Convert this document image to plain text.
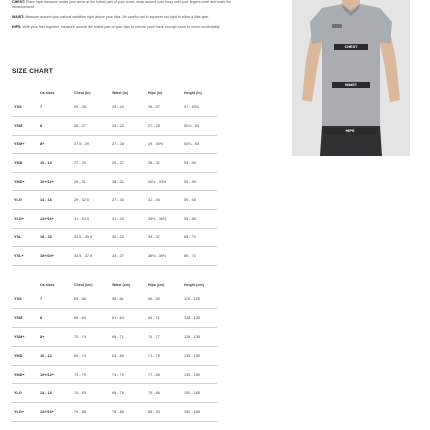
CHEST: Place tape measure under your arms at the fullest part of your chest, wrap around your body until your fingers meet and mark the measurement.

WAIST: Measure around your natural waistline right above your hips. Be careful not to squeeze too tight to allow a little give.

HIPS: With your feet together, measure around the fullest part of your hips to ensure you'll have enough room to move comfortably.

CHEST
WAIST
HIPS
SIZE CHART
	Ua sizes	Chest (in)	Waist (in)	Hips (in)	Height (in)
YXS	7	25 - 26	23 - 24	26 - 27	47 - 50¾
YSM	8	26 - 27	24 - 25	27 - 28	50¾ - 53
YSM+	8+	27.5 - 29	27 - 28	29 - 30½	50¾ - 53
YMD	10 - 12	27 - 29	25 - 27	28 - 31	53 - 59
YMD+	10+/12+	29 - 31	28 - 31	30½ - 33½	53 - 59
YLG	14 - 16	29 - 32.5	27 - 30	31 - 34	59 - 65
YLG+	14+/16+	31 - 34.5	31 - 34	33½ - 36½	59 - 65
YXL	18 - 20	32.5 - 35.5	30 - 33	34 - 37	65 - 70
YXL+	18+/20+	34.5 - 37.5	34 - 37	36½ - 39½	65 - 70
	Ua sizes	Chest (cm)	Waist (cm)	Hips (cm)	Height (cm)
YXS	7	63 - 66	58 - 61	66 - 69	119 - 128
YSM	8	66 - 69	61 - 63	69 - 71	128 - 135
YSM+	8+	70 - 74	69 - 71	74 - 77	128 - 135
YMD	10 - 12	69 - 74	63 - 69	71 - 79	135 - 150
YMD+	10+/12+	74 - 79	71 - 79	77 - 85	135 - 150
YLG	14 - 16	74 - 83	69 - 76	79 - 86	150 - 165
YLG+	14+/16+	79 - 88	79 - 86	85 - 93	150 - 165
